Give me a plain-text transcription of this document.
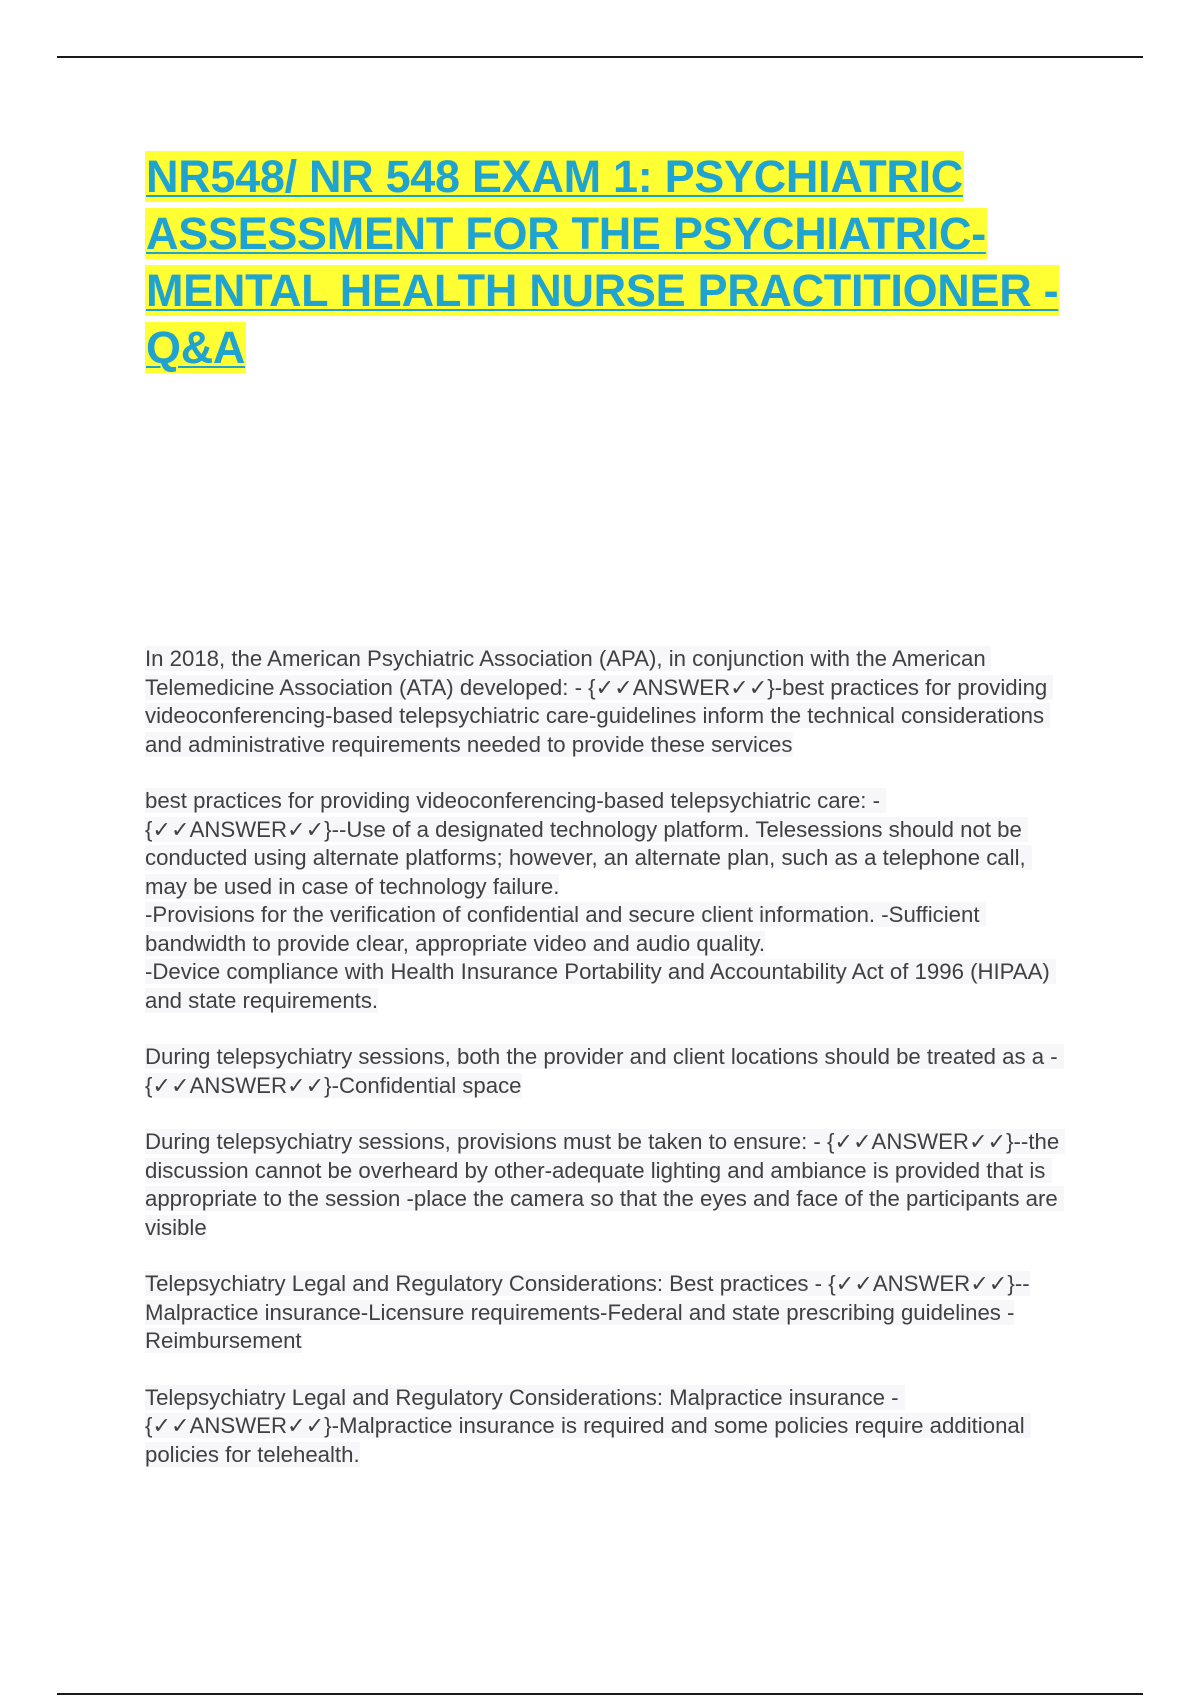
NR548/ NR 548 EXAM 1: PSYCHIATRIC ASSESSMENT FOR THE PSYCHIATRIC-MENTAL HEALTH NURSE PRACTITIONER -Q&A

In 2018, the American Psychiatric Association (APA), in conjunction with the American Telemedicine Association (ATA) developed: - {✓✓ANSWER✓✓}-best practices for providing videoconferencing-based telepsychiatric care-guidelines inform the technical considerations and administrative requirements needed to provide these services

best practices for providing videoconferencing-based telepsychiatric care: - {✓✓ANSWER✓✓}--Use of a designated technology platform. Telesessions should not be conducted using alternate platforms; however, an alternate plan, such as a telephone call, may be used in case of technology failure.
-Provisions for the verification of confidential and secure client information. -Sufficient bandwidth to provide clear, appropriate video and audio quality.
-Device compliance with Health Insurance Portability and Accountability Act of 1996 (HIPAA) and state requirements.

During telepsychiatry sessions, both the provider and client locations should be treated as a - {✓✓ANSWER✓✓}-Confidential space

During telepsychiatry sessions, provisions must be taken to ensure: - {✓✓ANSWER✓✓}--the discussion cannot be overheard by other-adequate lighting and ambiance is provided that is appropriate to the session -place the camera so that the eyes and face of the participants are visible

Telepsychiatry Legal and Regulatory Considerations: Best practices - {✓✓ANSWER✓✓}--Malpractice insurance-Licensure requirements-Federal and state prescribing guidelines -Reimbursement

Telepsychiatry Legal and Regulatory Considerations: Malpractice insurance - {✓✓ANSWER✓✓}-Malpractice insurance is required and some policies require additional policies for telehealth.
